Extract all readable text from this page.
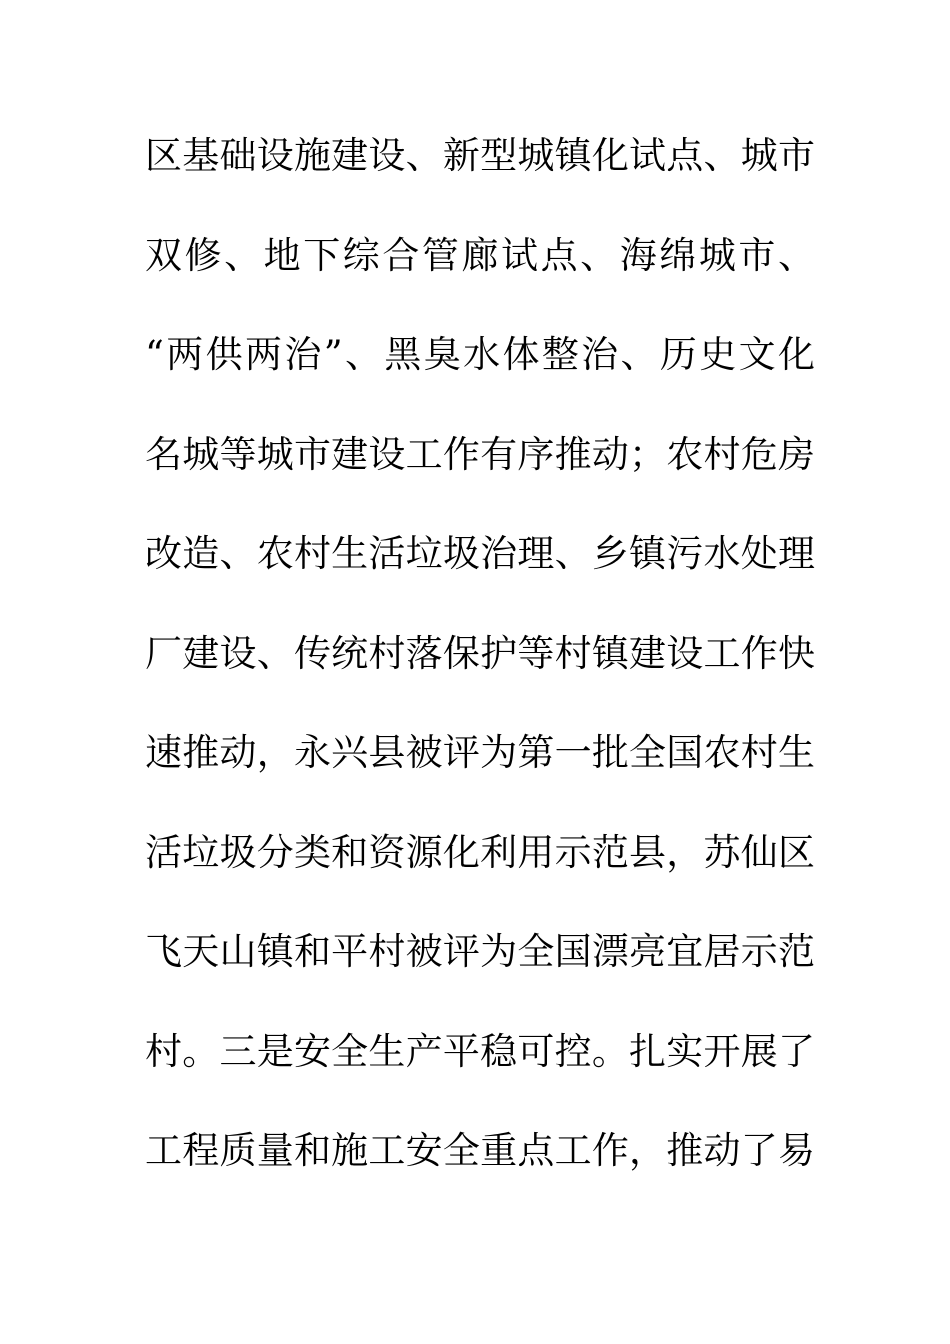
区基础设施建设、新型城镇化试点、城市
双修、地下综合管廊试点、海绵城市、
“两供两治”、黑臭水体整治、历史文化
名城等城市建设工作有序推动；农村危房
改造、农村生活垃圾治理、乡镇污水处理
厂建设、传统村落保护等村镇建设工作快
速推动，永兴县被评为第一批全国农村生
活垃圾分类和资源化利用示范县，苏仙区
飞天山镇和平村被评为全国漂亮宜居示范
村。三是安全生产平稳可控。扎实开展了
工程质量和施工安全重点工作，推动了易
